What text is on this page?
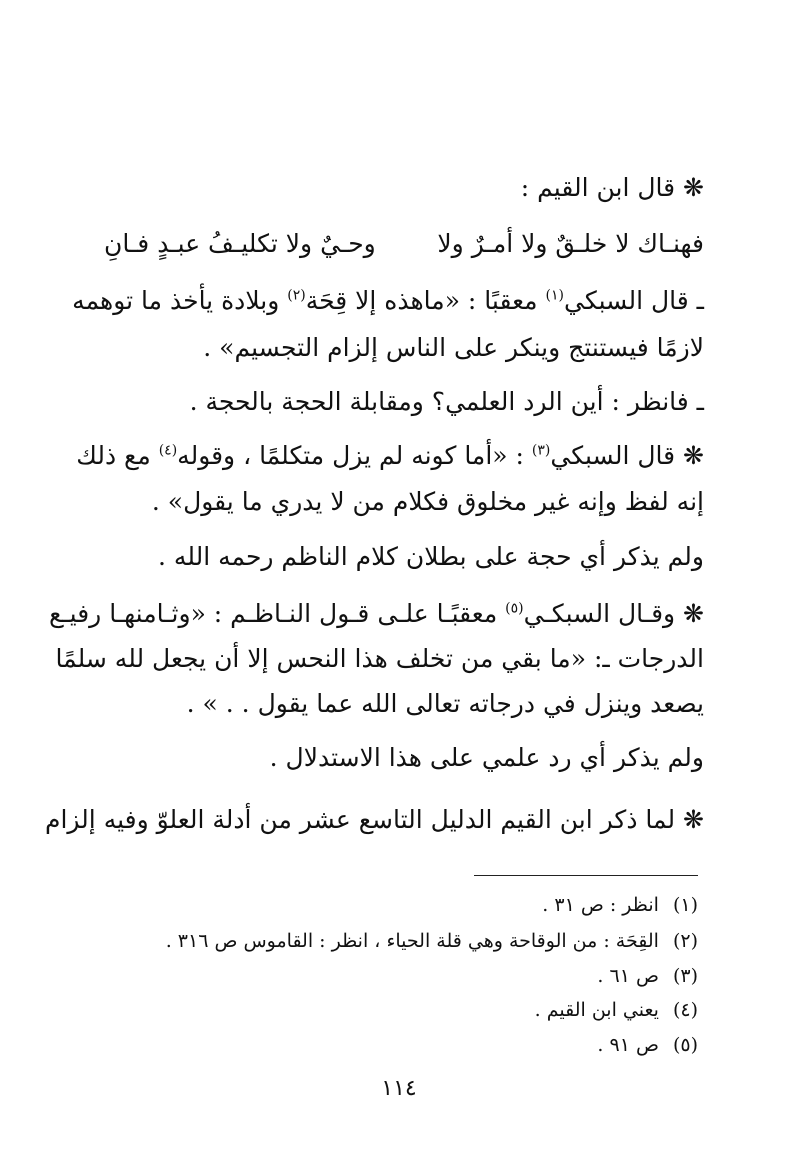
❋ قال ابن القيم :
فهنـاك لا خلـقٌ ولا أمـرٌ ولا
وحـيٌ ولا تكليـفُ عبـدٍ فـانِ
ـ قال السبكي$^{(١)}$ معقبًا : «ماهذه إلا قِحَة$^{(٢)}$ وبلادة يأخذ ما توهمه
لازمًا فيستنتج وينكر على الناس إلزام التجسيم» .
ـ فانظر : أين الرد العلمي؟ ومقابلة الحجة بالحجة .
❋ قال السبكي$^{(٣)}$ : «أما كونه لم يزل متكلمًا ، وقوله$^{(٤)}$ مع ذلك
إنه لفظ وإنه غير مخلوق فكلام من لا يدري ما يقول» .
ولم يذكر أي حجة على بطلان كلام الناظم رحمه الله .
❋ وقـال السبكـي$^{(٥)}$ معقبًـا علـى قـول النـاظـم : «وثـامنهـا رفيـع
الدرجات ـ: «ما بقي من تخلف هذا النحس إلا أن يجعل لله سلمًا
يصعد وينزل في درجاته تعالى الله عما يقول . . » .
ولم يذكر أي رد علمي على هذا الاستدلال .
❋ لما ذكر ابن القيم الدليل التاسع عشر من أدلة العلوّ وفيه إلزام
(١)انظر : ص ٣١ .
(٢)القِحَة : من الوقاحة وهي قلة الحياء ، انظر : القاموس ص ٣١٦ .
(٣)ص ٦١ .
(٤)يعني ابن القيم .
(٥)ص ٩١ .
١١٤
